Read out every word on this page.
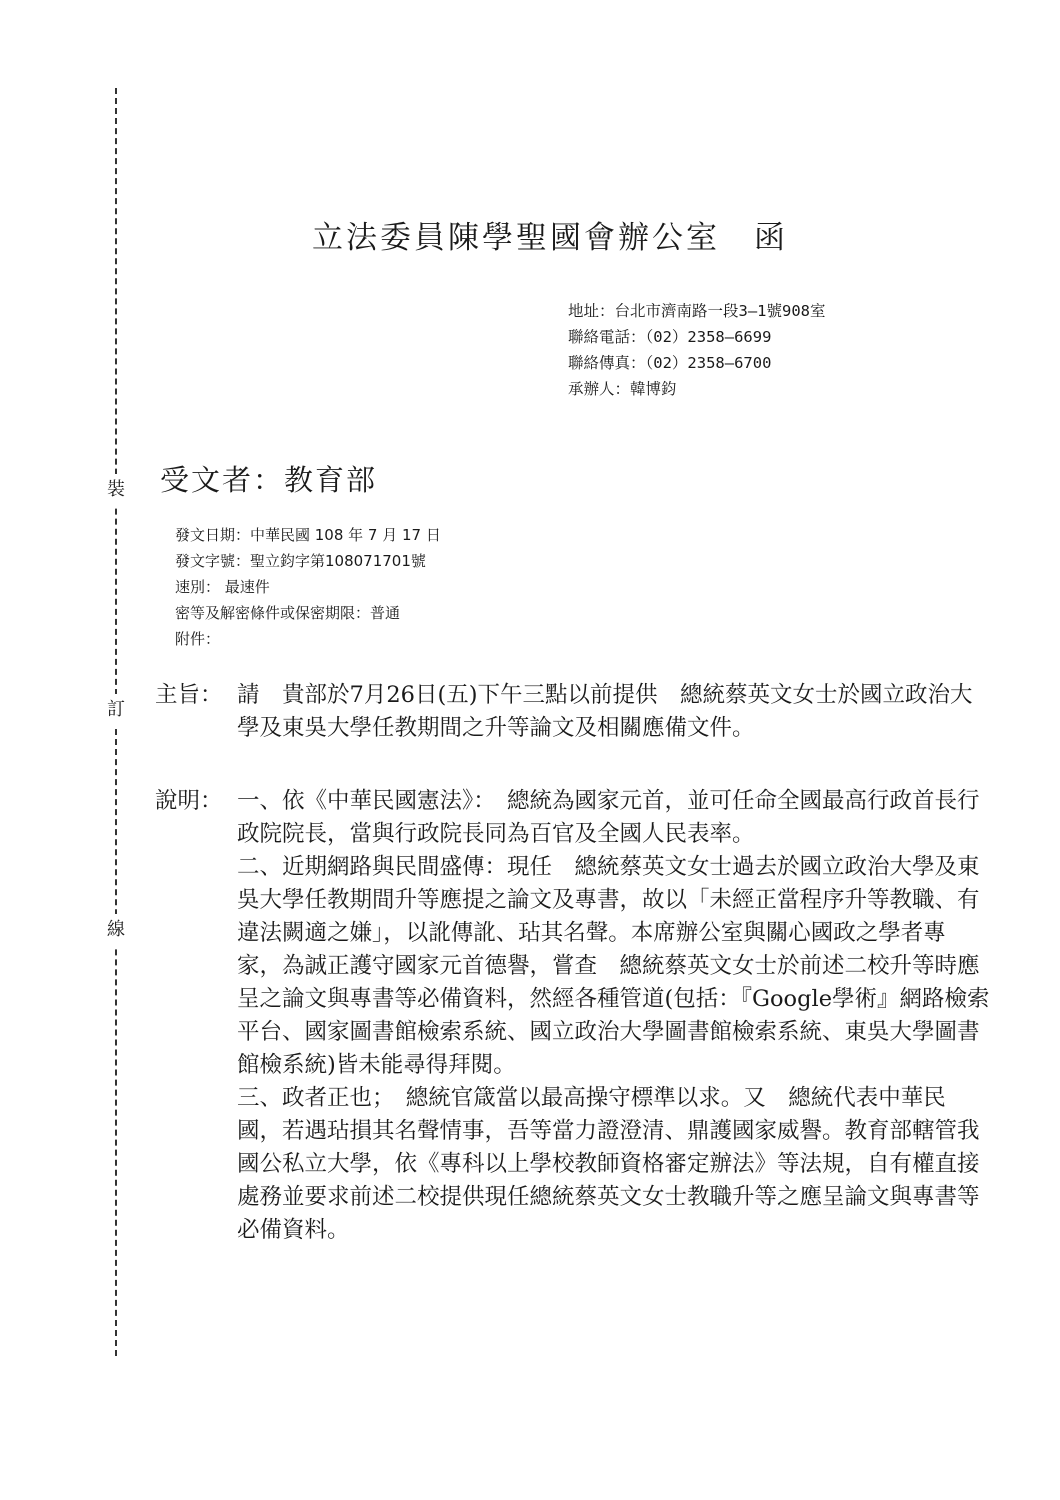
裝
訂
線
立法委員陳學聖國會辦公室　函
地址：台北市濟南路一段3—1號908室
聯絡電話：（02）2358—6699
聯絡傳真：（02）2358—6700
承辦人：韓博鈞
受文者：教育部
發文日期：中華民國 108 年 7 月 17 日
發文字號：聖立鈞字第108071701號
速別： 最速件
密等及解密條件或保密期限：普通
附件：
主旨： 請　貴部於7月26日(五)下午三點以前提供　總統蔡英文女士於國立政治大學及東吳大學任教期間之升等論文及相關應備文件。
說明： 一、依《中華民國憲法》：　總統為國家元首，並可任命全國最高行政首長行政院院長，當與行政院長同為百官及全國人民表率。

二、近期網路與民間盛傳：現任　總統蔡英文女士過去於國立政治大學及東吳大學任教期間升等應提之論文及專書，故以「未經正當程序升等教職、有違法闕適之嫌」，以訛傳訛、玷其名聲。本席辦公室與關心國政之學者專家，為誠正護守國家元首德譽，嘗查　總統蔡英文女士於前述二校升等時應呈之論文與專書等必備資料，然經各種管道(包括：『Google學術』網路檢索平台、國家圖書館檢索系統、國立政治大學圖書館檢索系統、東吳大學圖書館檢系統)皆未能尋得拜閱。

三、政者正也；　總統官箴當以最高操守標準以求。又　總統代表中華民國，若遇玷損其名聲情事，吾等當力證澄清、鼎護國家威譽。教育部轄管我國公私立大學，依《專科以上學校教師資格審定辦法》等法規，自有權直接處務並要求前述二校提供現任總統蔡英文女士教職升等之應呈論文與專書等必備資料。
